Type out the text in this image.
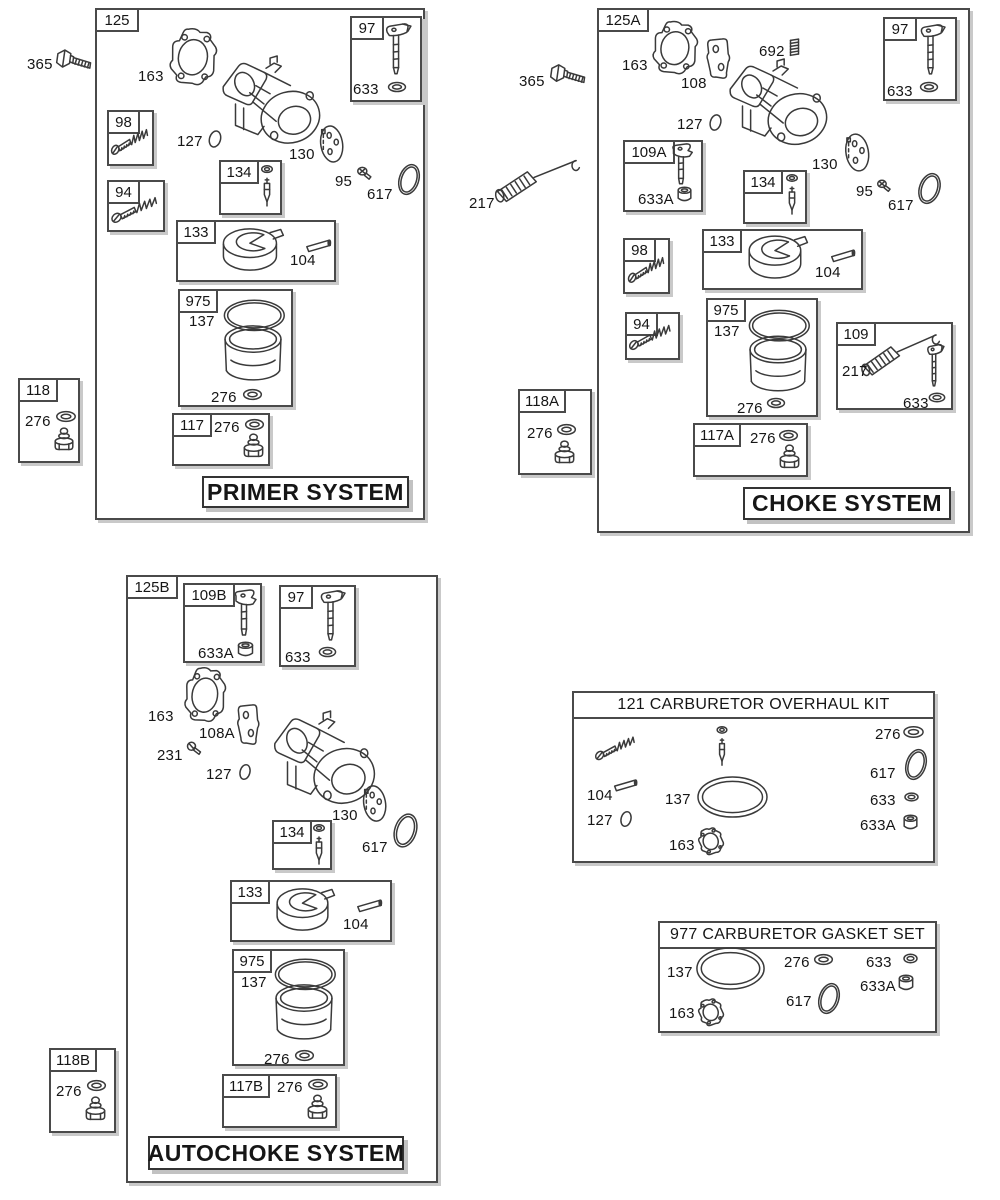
125	97
98
94
134
133
975
117
118
125A
97
109A
134
98
133
94
975
109
117A
118A
125B	109B	97
134
133
975
117B
118B
121 CARBURETOR OVERHAUL KIT
977 CARBURETOR GASKET SET
365
163
633
127
130
95
617
104
137
276
276
276
365
163
108
692
633
127
633A
130
95
617
217
104
137
276
217
633
276
276
633A	633
163
108A
231
127
130
617
104
137
276
276
276
104
127
137
163
276
617
633
633A
137
163
276
617
633
633A
PRIMER SYSTEM	CHOKE SYSTEM
AUTOCHOKE SYSTEM
